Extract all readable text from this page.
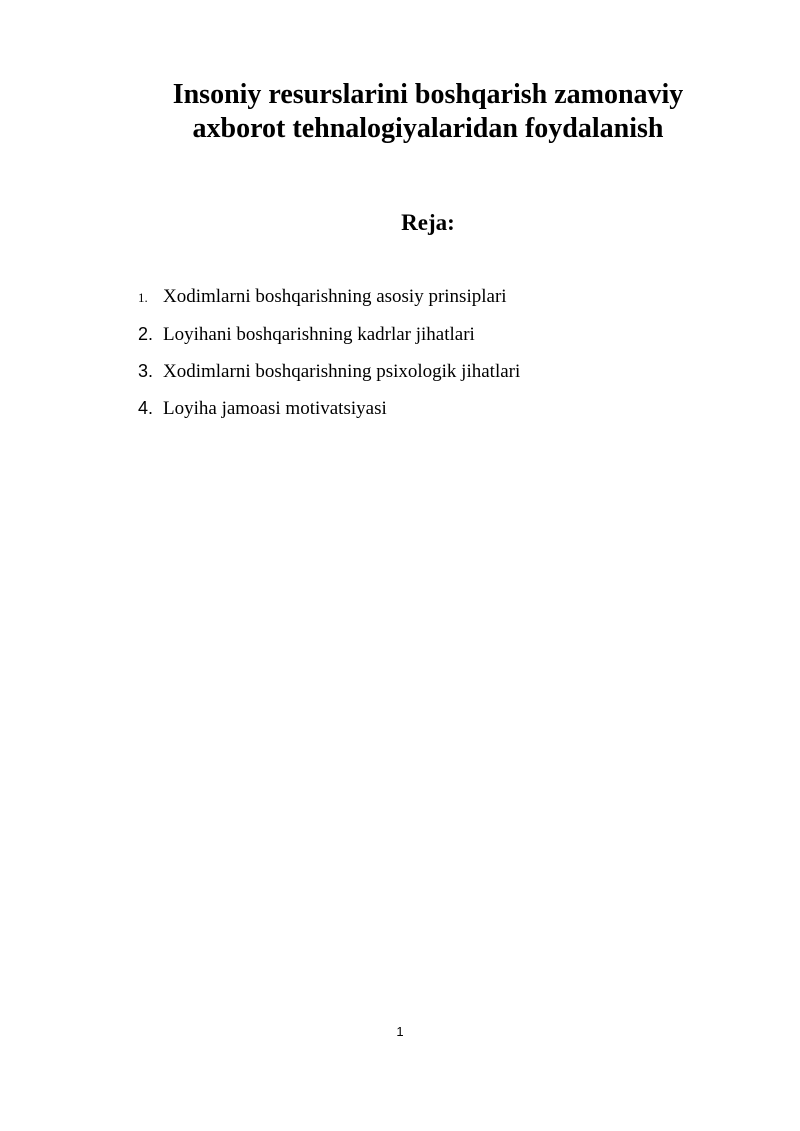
Insoniy resurslarini boshqarish zamonaviy
axborot tehnalogiyalaridan foydalanish
Reja:
1. Xodimlarni boshqarishning asosiy prinsiplari
2. Loyihani boshqarishning kadrlar jihatlari
3. Xodimlarni boshqarishning psixologik jihatlari
4. Loyiha jamoasi motivatsiyasi
1
